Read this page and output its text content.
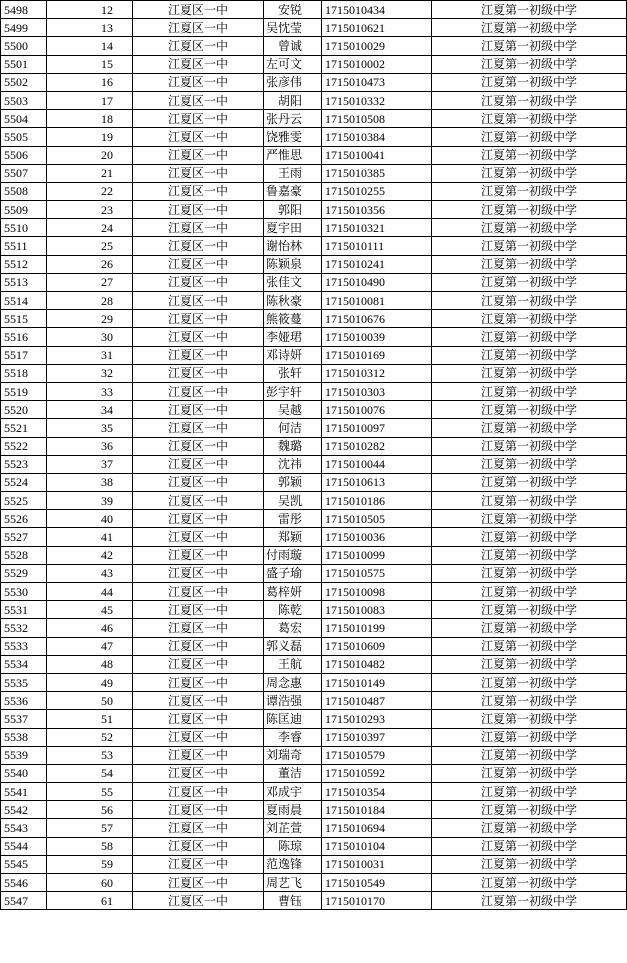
5498	12	江夏区一中	安锐	1715010434	江夏第一初级中学
5499	13	江夏区一中	吴忱莹	1715010621	江夏第一初级中学
5500	14	江夏区一中	曾诚	1715010029	江夏第一初级中学
5501	15	江夏区一中	左可文	1715010002	江夏第一初级中学
5502	16	江夏区一中	张彦伟	1715010473	江夏第一初级中学
5503	17	江夏区一中	胡阳	1715010332	江夏第一初级中学
5504	18	江夏区一中	张丹云	1715010508	江夏第一初级中学
5505	19	江夏区一中	饶雅雯	1715010384	江夏第一初级中学
5506	20	江夏区一中	严惟思	1715010041	江夏第一初级中学
5507	21	江夏区一中	王雨	1715010385	江夏第一初级中学
5508	22	江夏区一中	鲁嘉豪	1715010255	江夏第一初级中学
5509	23	江夏区一中	郭阳	1715010356	江夏第一初级中学
5510	24	江夏区一中	夏宇田	1715010321	江夏第一初级中学
5511	25	江夏区一中	谢怡林	1715010111	江夏第一初级中学
5512	26	江夏区一中	陈颖泉	1715010241	江夏第一初级中学
5513	27	江夏区一中	张佳文	1715010490	江夏第一初级中学
5514	28	江夏区一中	陈秋豪	1715010081	江夏第一初级中学
5515	29	江夏区一中	熊筱蔓	1715010676	江夏第一初级中学
5516	30	江夏区一中	李娅珺	1715010039	江夏第一初级中学
5517	31	江夏区一中	邓诗妍	1715010169	江夏第一初级中学
5518	32	江夏区一中	张轩	1715010312	江夏第一初级中学
5519	33	江夏区一中	彭宇轩	1715010303	江夏第一初级中学
5520	34	江夏区一中	吴越	1715010076	江夏第一初级中学
5521	35	江夏区一中	何洁	1715010097	江夏第一初级中学
5522	36	江夏区一中	魏璐	1715010282	江夏第一初级中学
5523	37	江夏区一中	沈祎	1715010044	江夏第一初级中学
5524	38	江夏区一中	郭颖	1715010613	江夏第一初级中学
5525	39	江夏区一中	吴凯	1715010186	江夏第一初级中学
5526	40	江夏区一中	雷彤	1715010505	江夏第一初级中学
5527	41	江夏区一中	郑颖	1715010036	江夏第一初级中学
5528	42	江夏区一中	付雨璇	1715010099	江夏第一初级中学
5529	43	江夏区一中	盛子瑜	1715010575	江夏第一初级中学
5530	44	江夏区一中	葛梓妍	1715010098	江夏第一初级中学
5531	45	江夏区一中	陈乾	1715010083	江夏第一初级中学
5532	46	江夏区一中	葛宏	1715010199	江夏第一初级中学
5533	47	江夏区一中	郭义磊	1715010609	江夏第一初级中学
5534	48	江夏区一中	王航	1715010482	江夏第一初级中学
5535	49	江夏区一中	周念惠	1715010149	江夏第一初级中学
5536	50	江夏区一中	谭浩强	1715010487	江夏第一初级中学
5537	51	江夏区一中	陈匡迪	1715010293	江夏第一初级中学
5538	52	江夏区一中	李睿	1715010397	江夏第一初级中学
5539	53	江夏区一中	刘瑞奇	1715010579	江夏第一初级中学
5540	54	江夏区一中	董洁	1715010592	江夏第一初级中学
5541	55	江夏区一中	邓成宇	1715010354	江夏第一初级中学
5542	56	江夏区一中	夏雨晨	1715010184	江夏第一初级中学
5543	57	江夏区一中	刘芷萱	1715010694	江夏第一初级中学
5544	58	江夏区一中	陈琼	1715010104	江夏第一初级中学
5545	59	江夏区一中	范逸锋	1715010031	江夏第一初级中学
5546	60	江夏区一中	周艺飞	1715010549	江夏第一初级中学
5547	61	江夏区一中	曹钰	1715010170	江夏第一初级中学
